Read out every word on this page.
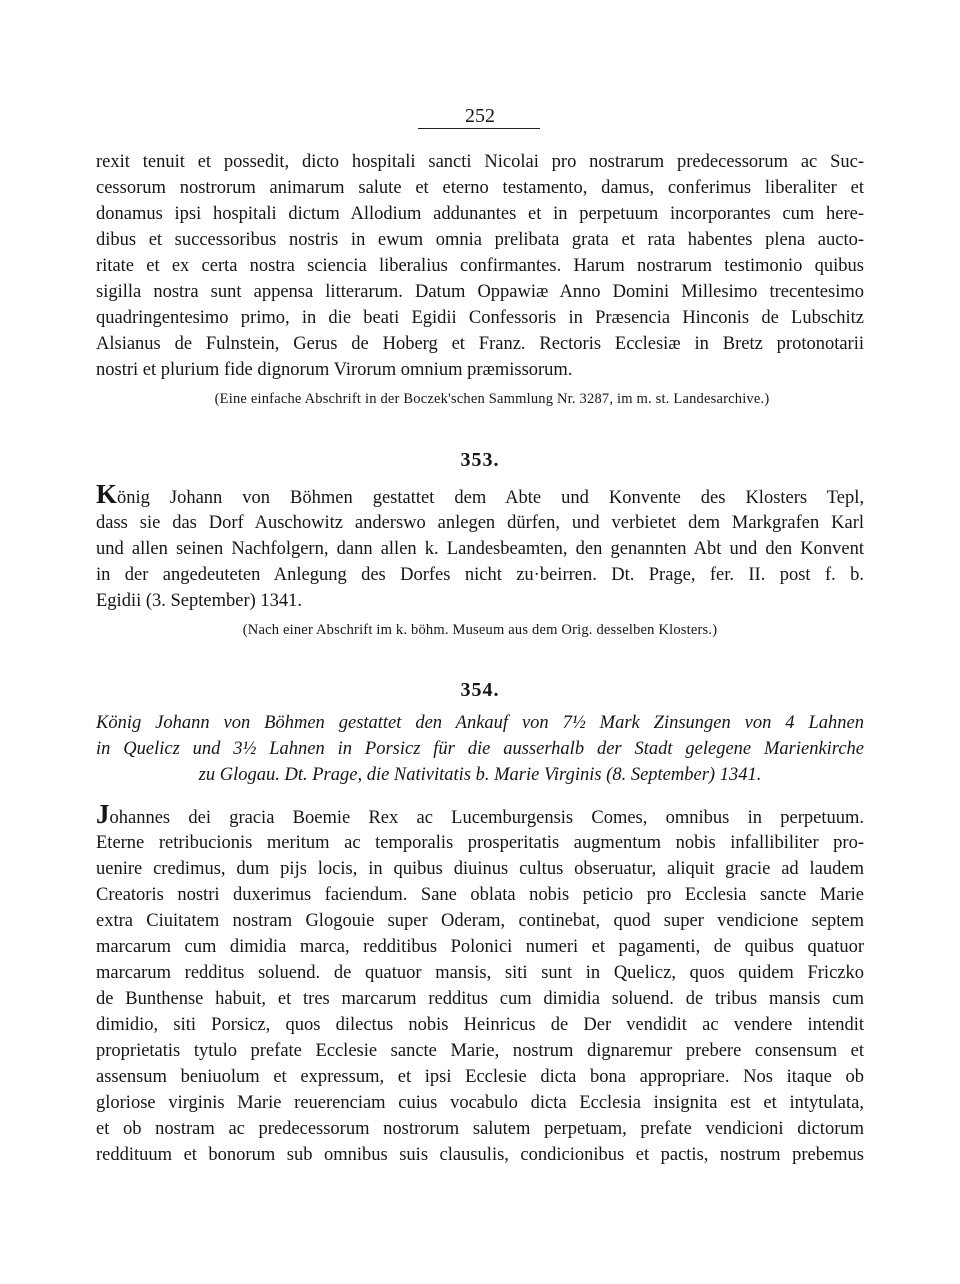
252
rexit tenuit et possedit, dicto hospitali sancti Nicolai pro nostrarum predecessorum ac Suc-
cessorum nostrorum animarum salute et eterno testamento, damus, conferimus liberaliter et
donamus ipsi hospitali dictum Allodium addunantes et in perpetuum incorporantes cum here-
dibus et successoribus nostris in ewum omnia prelibata grata et rata habentes plena aucto-
ritate et ex certa nostra sciencia liberalius confirmantes. Harum nostrarum testimonio quibus
sigilla nostra sunt appensa litterarum. Datum Oppawiæ Anno Domini Millesimo trecentesimo
quadringentesimo primo, in die beati Egidii Confessoris in Præsencia Hinconis de Lubschitz
Alsianus de Fulnstein, Gerus de Hoberg et Franz. Rectoris Ecclesiæ in Bretz protonotarii
nostri et plurium fide dignorum Virorum omnium præmissorum.
(Eine einfache Abschrift in der Boczek'schen Sammlung Nr. 3287, im m. st. Landesarchive.)
353.
König Johann von Böhmen gestattet dem Abte und Konvente des Klosters Tepl,
dass sie das Dorf Auschowitz anderswo anlegen dürfen, und verbietet dem Markgrafen Karl
und allen seinen Nachfolgern, dann allen k. Landesbeamten, den genannten Abt und den Konvent
in der angedeuteten Anlegung des Dorfes nicht zu·beirren. Dt. Prage, fer. II. post f. b.
Egidii (3. September) 1341.
(Nach einer Abschrift im k. böhm. Museum aus dem Orig. desselben Klosters.)
354.
König Johann von Böhmen gestattet den Ankauf von 7½ Mark Zinsungen von 4 Lahnen
in Quelicz und 3½ Lahnen in Porsicz für die ausserhalb der Stadt gelegene Marienkirche
zu Glogau. Dt. Prage, die Nativitatis b. Marie Virginis (8. September) 1341.
Johannes dei gracia Boemie Rex ac Lucemburgensis Comes, omnibus in perpetuum.
Eterne retribucionis meritum ac temporalis prosperitatis augmentum nobis infallibiliter pro-
uenire credimus, dum pijs locis, in quibus diuinus cultus obseruatur, aliquit gracie ad laudem
Creatoris nostri duxerimus faciendum. Sane oblata nobis peticio pro Ecclesia sancte Marie
extra Ciuitatem nostram Glogouie super Oderam, continebat, quod super vendicione septem
marcarum cum dimidia marca, redditibus Polonici numeri et pagamenti, de quibus quatuor
marcarum redditus soluend. de quatuor mansis, siti sunt in Quelicz, quos quidem Friczko
de Bunthense habuit, et tres marcarum redditus cum dimidia soluend. de tribus mansis cum
dimidio, siti Porsicz, quos dilectus nobis Heinricus de Der vendidit ac vendere intendit
proprietatis tytulo prefate Ecclesie sancte Marie, nostrum dignaremur prebere consensum et
assensum beniuolum et expressum, et ipsi Ecclesie dicta bona appropriare. Nos itaque ob
gloriose virginis Marie reuerenciam cuius vocabulo dicta Ecclesia insignita est et intytulata,
et ob nostram ac predecessorum nostrorum salutem perpetuam, prefate vendicioni dictorum
reddituum et bonorum sub omnibus suis clausulis, condicionibus et pactis, nostrum prebemus
